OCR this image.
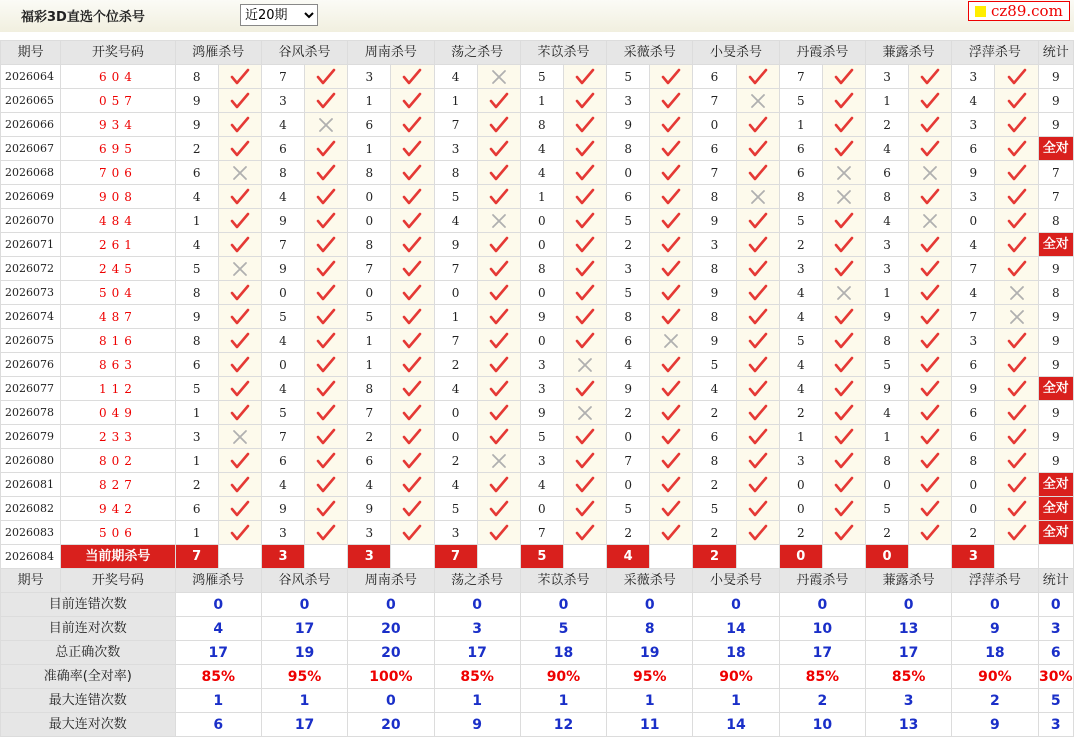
福彩3D直选个位杀号
近20期	cz89.com
期号	开奖号码	鸿雁杀号		谷风杀号		周南杀号		荡之杀号		芣苡杀号		采薇杀号		小旻杀号		丹霞杀号		蒹露杀号		浮萍杀号		统计
2026064	604	8		7		3		4		5		5		6		7		3		3		9
2026065	057	9		3		1		1		1		3		7		5		1		4		9
2026066	934	9		4		6		7		8		9		0		1		2		3		9
2026067	695	2		6		1		3		4		8		6		6		4		6		全对
2026068	706	6		8		8		8		4		0		7		6		6		9		7
2026069	908	4		4		0		5		1		6		8		8		8		3		7
2026070	484	1		9		0		4		0		5		9		5		4		0		8
2026071	261	4		7		8		9		0		2		3		2		3		4		全对
2026072	245	5		9		7		7		8		3		8		3		3		7		9
2026073	504	8		0		0		0		0		5		9		4		1		4		8
2026074	487	9		5		5		1		9		8		8		4		9		7		9
2026075	816	8		4		1		7		0		6		9		5		8		3		9
2026076	863	6		0		1		2		3		4		5		4		5		6		9
2026077	112	5		4		8		4		3		9		4		4		9		9		全对
2026078	049	1		5		7		0		9		2		2		2		4		6		9
2026079	233	3		7		2		0		5		0		6		1		1		6		9
2026080	802	1		6		6		2		3		7		8		3		8		8		9
2026081	827	2		4		4		4		4		0		2		0		0		0		全对
2026082	942	6		9		9		5		0		5		5		0		5		0		全对
2026083	506	1		3		3		3		7		2		2		2		2		2		全对
2026084	当前期杀号	7		3		3		7		5		4		2		0		0		3		
期号	开奖号码	鸿雁杀号		谷风杀号		周南杀号		荡之杀号		芣苡杀号		采薇杀号		小旻杀号		丹霞杀号		蒹露杀号		浮萍杀号		统计
目前连错次数		0		0		0		0		0		0		0		0		0		0		0
目前连对次数		4		17		20		3		5		8		14		10		13		9		3
总正确次数		17		19		20		17		18		19		18		17		17		18		6
准确率(全对率)		85%		95%		100%		85%		90%		95%		90%		85%		85%		90%		30%
最大连错次数		1		1		0		1		1		1		1		2		3		2		5
最大连对次数		6		17		20		9		12		11		14		10		13		9		3
